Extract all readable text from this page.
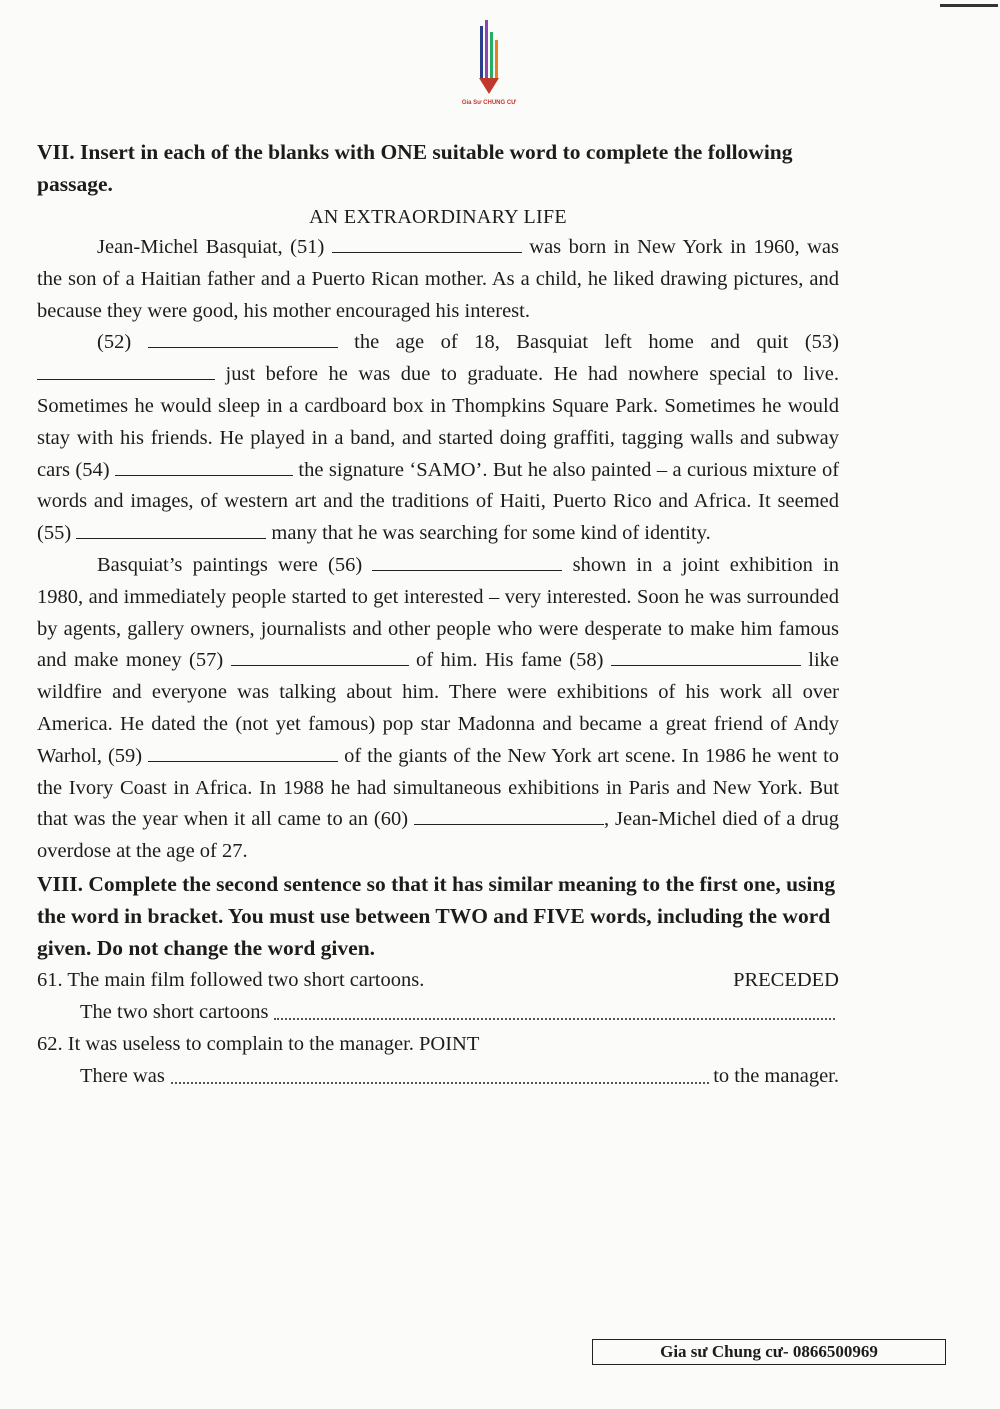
Gia Sư CHUNG CƯ

VII. Insert in each of the blanks with ONE suitable word to complete the following passage.

AN EXTRAORDINARY LIFE

Jean-Michel Basquiat, (51)	was born in New York in 1960, was the son of a Haitian father and a Puerto Rican mother. As a child, he liked drawing pictures, and because they were good, his mother encouraged his interest.

(52)	the age of 18, Basquiat left home and quit (53)  just before he was due to graduate. He had nowhere special to live. Sometimes he would sleep in a cardboard box in Thompkins Square Park. Sometimes he would stay with his friends. He played in a band, and started doing graffiti, tagging walls and subway cars (54)	the signature ‘SAMO’. But he also painted – a curious mixture of words and images, of western art and the traditions of Haiti, Puerto Rico and Africa. It seemed (55)	many that he was searching for some kind of identity.

Basquiat’s paintings were (56)	shown in a joint exhibition in 1980, and immediately people started to get interested – very interested. Soon he was surrounded by agents, gallery owners, journalists and other people who were desperate to make him famous and make money (57)	of him. His fame (58)	like wildfire and everyone was talking about him. There were exhibitions of his work all over America. He dated the (not yet famous) pop star Madonna and became a great friend of Andy Warhol, (59)	of the giants of the New York art scene. In 1986 he went to the Ivory Coast in Africa. In 1988 he had simultaneous exhibitions in Paris and New York. But that was the year when it all came to an (60)	, Jean-Michel died of a drug overdose at the age of 27.

VIII. Complete the second sentence so that it has similar meaning to the first one, using the word in bracket. You must use between TWO and FIVE words, including the word given. Do not change the word given.

61. The main film followed two short cartoons.	PRECEDED
The two short cartoons
62. It was useless to complain to the manager. POINT
There was	to the manager.
Gia sư Chung cư- 0866500969
